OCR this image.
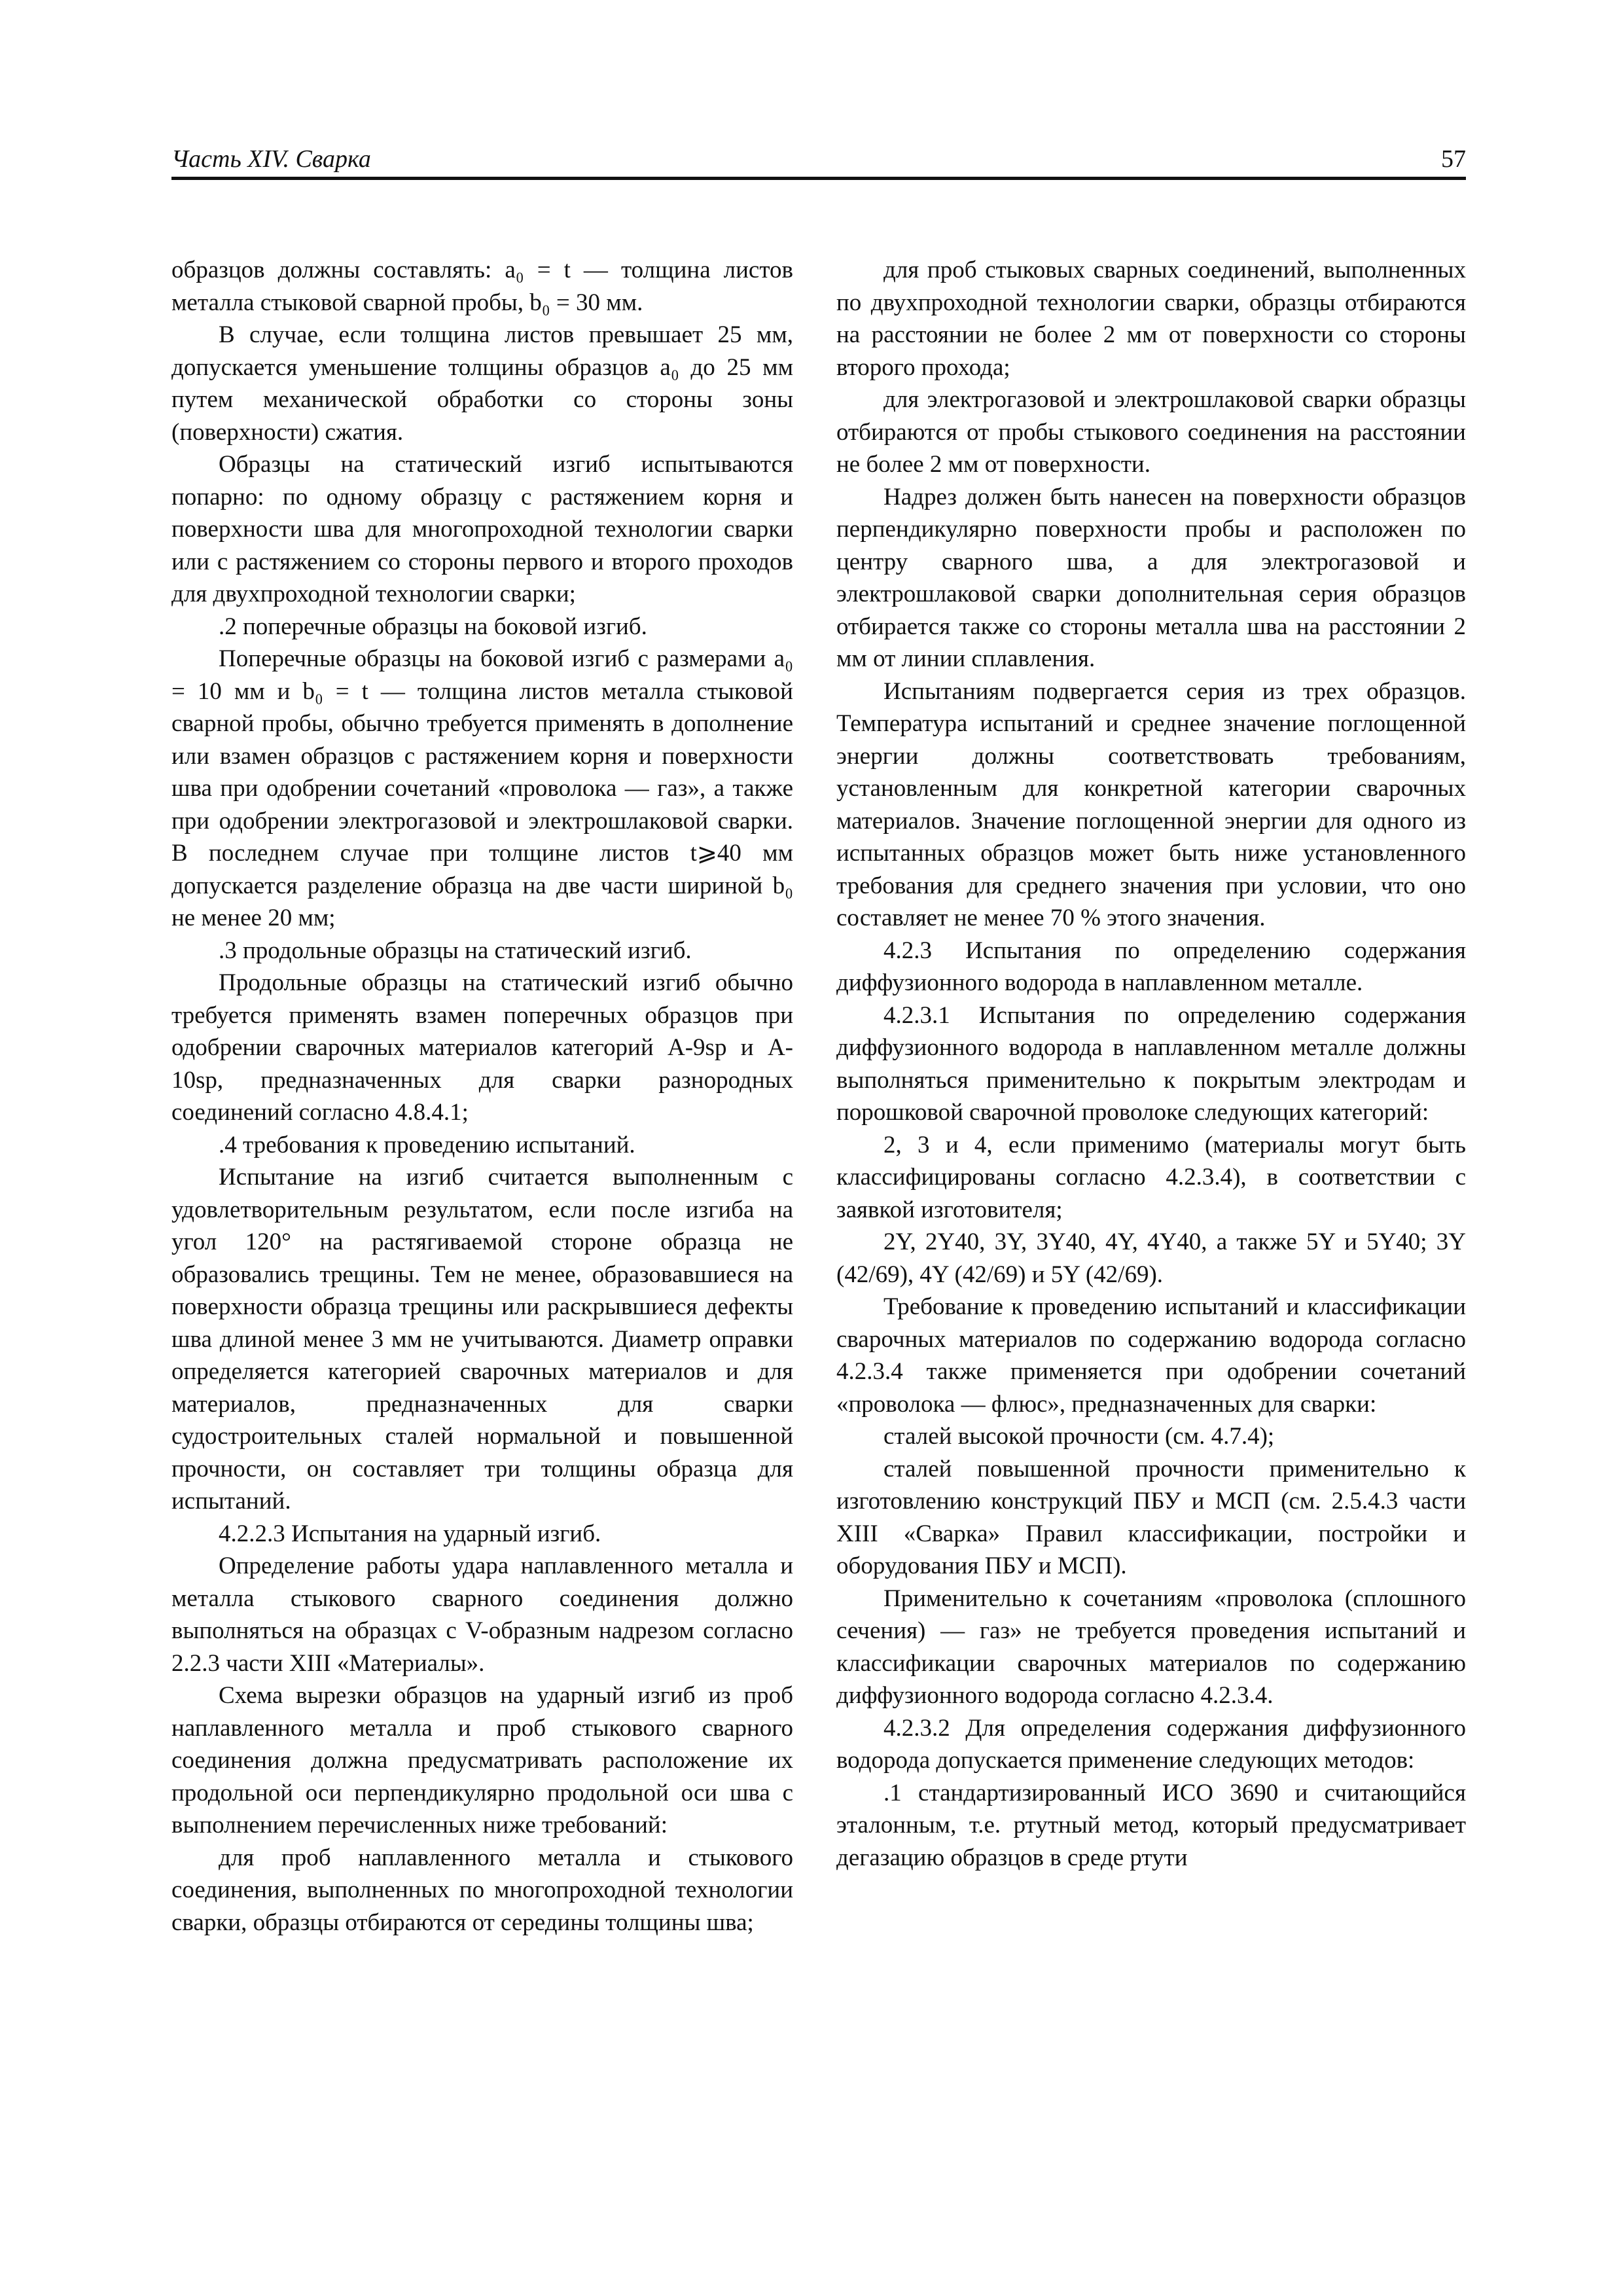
Часть XIV. Сварка	57

образцов должны составлять: a₀ = t — толщина листов металла стыковой сварной пробы, b₀ = 30 мм.

В случае, если толщина листов превышает 25 мм, допускается уменьшение толщины образцов a₀ до 25 мм путем механической обработки со стороны зоны (поверхности) сжатия.

Образцы на статический изгиб испытываются попарно: по одному образцу с растяжением корня и поверхности шва для многопроходной технологии сварки или с растяжением со стороны первого и второго проходов для двухпроходной технологии сварки;

.2 поперечные образцы на боковой изгиб.

Поперечные образцы на боковой изгиб с размерами a₀ = 10 мм и b₀ = t — толщина листов металла стыковой сварной пробы, обычно требуется применять в дополнение или взамен образцов с растяжением корня и поверхности шва при одобрении сочетаний «проволока — газ», а также при одобрении электрогазовой и электрошлаковой сварки. В последнем случае при толщине листов t⩾40 мм допускается разделение образца на две части шириной b₀ не менее 20 мм;

.3 продольные образцы на статический изгиб.

Продольные образцы на статический изгиб обычно требуется применять взамен поперечных образцов при одобрении сварочных материалов категорий A-9sp и A-10sp, предназначенных для сварки разнородных соединений согласно 4.8.4.1;

.4 требования к проведению испытаний.

Испытание на изгиб считается выполненным с удовлетворительным результатом, если после изгиба на угол 120° на растягиваемой стороне образца не образовались трещины. Тем не менее, образовавшиеся на поверхности образца трещины или раскрывшиеся дефекты шва длиной менее 3 мм не учитываются. Диаметр оправки определяется категорией сварочных материалов и для материалов, предназначенных для сварки судостроительных сталей нормальной и повышенной прочности, он составляет три толщины образца для испытаний.

4.2.2.3 Испытания на ударный изгиб.

Определение работы удара наплавленного металла и металла стыкового сварного соединения должно выполняться на образцах с V-образным надрезом согласно 2.2.3 части XIII «Материалы».

Схема вырезки образцов на ударный изгиб из проб наплавленного металла и проб стыкового сварного соединения должна предусматривать расположение их продольной оси перпендикулярно продольной оси шва с выполнением перечисленных ниже требований:

для проб наплавленного металла и стыкового соединения, выполненных по многопроходной технологии сварки, образцы отбираются от середины толщины шва;

для проб стыковых сварных соединений, выполненных по двухпроходной технологии сварки, образцы отбираются на расстоянии не более 2 мм от поверхности со стороны второго прохода;

для электрогазовой и электрошлаковой сварки образцы отбираются от пробы стыкового соединения на расстоянии не более 2 мм от поверхности.

Надрез должен быть нанесен на поверхности образцов перпендикулярно поверхности пробы и расположен по центру сварного шва, а для электрогазовой и электрошлаковой сварки дополнительная серия образцов отбирается также со стороны металла шва на расстоянии 2 мм от линии сплавления.

Испытаниям подвергается серия из трех образцов. Температура испытаний и среднее значение поглощенной энергии должны соответствовать требованиям, установленным для конкретной категории сварочных материалов. Значение поглощенной энергии для одного из испытанных образцов может быть ниже установленного требования для среднего значения при условии, что оно составляет не менее 70 % этого значения.

4.2.3 Испытания по определению содержания диффузионного водорода в наплавленном металле.

4.2.3.1 Испытания по определению содержания диффузионного водорода в наплавленном металле должны выполняться применительно к покрытым электродам и порошковой сварочной проволоке следующих категорий:

2, 3 и 4, если применимо (материалы могут быть классифицированы согласно 4.2.3.4), в соответствии с заявкой изготовителя;

2Y, 2Y40, 3Y, 3Y40, 4Y, 4Y40, а также 5Y и 5Y40; 3Y (42/69), 4Y (42/69) и 5Y (42/69).

Требование к проведению испытаний и классификации сварочных материалов по содержанию водорода согласно 4.2.3.4 также применяется при одобрении сочетаний «проволока — флюс», предназначенных для сварки:

сталей высокой прочности (см. 4.7.4);

сталей повышенной прочности применительно к изготовлению конструкций ПБУ и МСП (см. 2.5.4.3 части XIII «Сварка» Правил классификации, постройки и оборудования ПБУ и МСП).

Применительно к сочетаниям «проволока (сплошного сечения) — газ» не требуется проведения испытаний и классификации сварочных материалов по содержанию диффузионного водорода согласно 4.2.3.4.

4.2.3.2 Для определения содержания диффузионного водорода допускается применение следующих методов:

.1 стандартизированный ИСО 3690 и считающийся эталонным, т.е. ртутный метод, который предусматривает дегазацию образцов в среде ртути
